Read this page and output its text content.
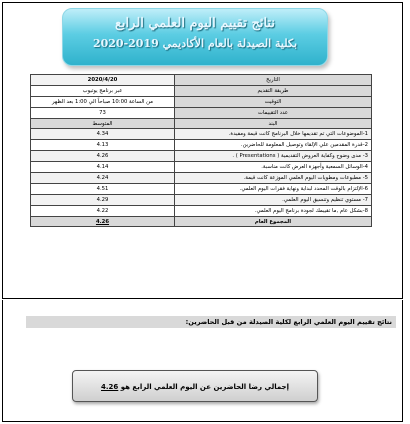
نتائج تقييم اليوم العلمي الرابع
بكلية الصيدلة بالعام الأكاديمي 2019-2020
2020/4/20	التاريخ
عبر برنامج يوتيوب	طريقة التقديم
من الساعة 10:00 صباحاً الي 1:00 بعد الظهر	التوقيت
73	عدد التقييمات
المتوسط	البند
4.34	1-الموضوعات التي تم تقديمها خلال البرنامج كانت قيمة ومفيدة.
4.13	2-قدرة المقدمين علي الإلقاء وتوصيل المعلومة للحاضرين.
4.26	3- مدى وضوح وكفاية العروض التقديمية ( Presentations ) .
4.14	4-الوسائل السمعية وأجهزة العرض كانت مناسبة.
4.24	5- مطبوعات ومطويات اليوم العلمي الموزعة كانت قيمة.
4.51	6-الإلتزام بالوقت المحدد لبداية ونهاية فقرات اليوم العلمي.
4.29	7- مستوي تنظيم وتنسيق اليوم العلمي.
4.22	8-بشكل عام ,ما تقييمك لجودة برنامج اليوم العلمي.
4.26	المجموع العام
نتائج تقييم اليوم العلمي الرابع لكلية الصيدلة من قبل الحاضرين:
إجمالي رضا الحاضرين عن اليوم العلمي الرابع هو 4.26
